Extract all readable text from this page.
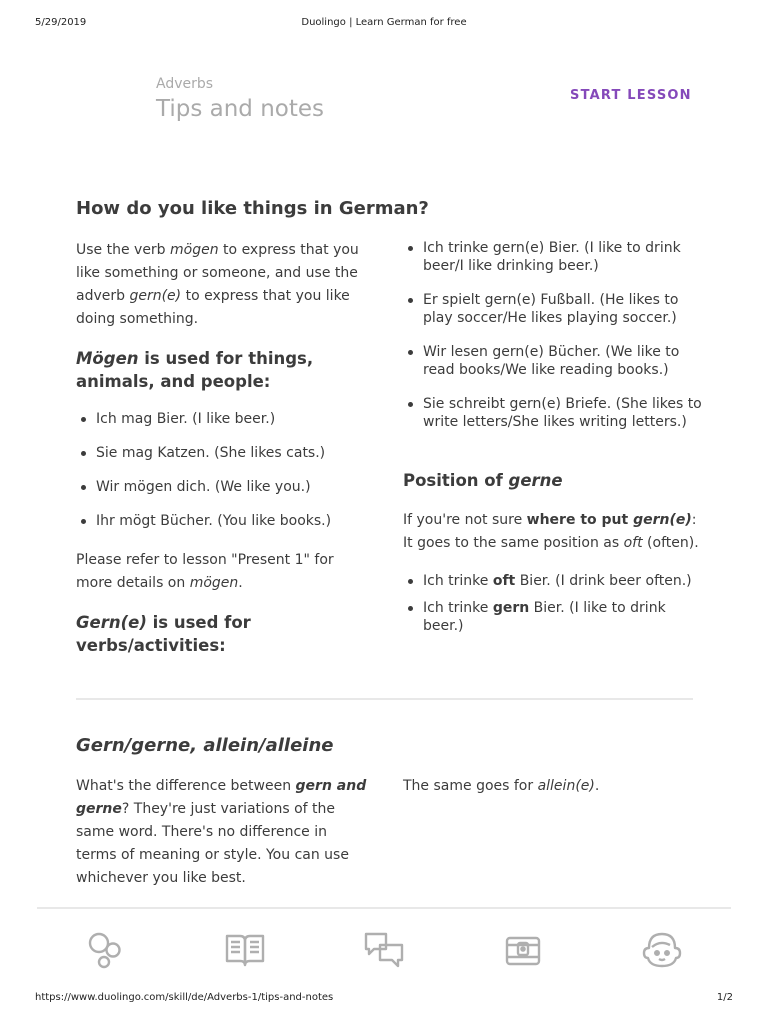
5/29/2019	Duolingo | Learn German for free
Adverbs
Tips and notes
START LESSON
How do you like things in German?

Use the verb mögen to express that you like something or someone, and use the adverb gern(e) to express that you like doing something.

Mögen is used for things, animals, and people:
Ich mag Bier. (I like beer.)
Sie mag Katzen. (She likes cats.)
Wir mögen dich. (We like you.)
Ihr mögt Bücher. (You like books.)

Please refer to lesson "Present 1" for more details on mögen.

Gern(e) is used for verbs/activities:
Ich trinke gern(e) Bier. (I like to drink beer/I like drinking beer.)
Er spielt gern(e) Fußball. (He likes to play soccer/He likes playing soccer.)
Wir lesen gern(e) Bücher. (We like to read books/We like reading books.)
Sie schreibt gern(e) Briefe. (She likes to write letters/She likes writing letters.)
Position of gerne

If you're not sure where to put gern(e): It goes to the same position as oft (often).

Ich trinke oft Bier. (I drink beer often.)
Ich trinke gern Bier. (I like to drink beer.)
Gern/gerne, allein/alleine

What's the difference between gern and gerne? They're just variations of the same word. There's no difference in terms of meaning or style. You can use whichever you like best.

The same goes for allein(e).

https://www.duolingo.com/skill/de/Adverbs-1/tips-and-notes	1/2
